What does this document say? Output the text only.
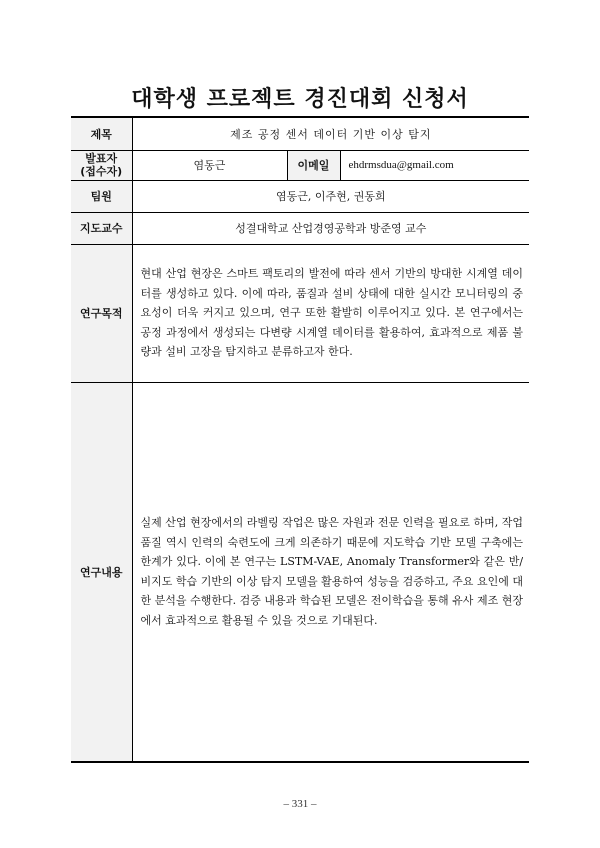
대학생 프로젝트 경진대회 신청서
제목	제조 공정 센서 데이터 기반 이상 탐지		

발표자
(접수자)	염동근	이메일	ehdrmsdua@gmail.com
팀원	염동근, 이주현, 권동희		
지도교수	성결대학교 산업경영공학과 방준영 교수		
연구목적	현대 산업 현장은 스마트 팩토리의 발전에 따라 센서 기반의 방대한 시계열 데이터를 생성하고 있다. 이에 따라, 품질과 설비 상태에 대한 실시간 모니터링의 중요성이 더욱 커지고 있으며, 연구 또한 활발히 이루어지고 있다. 본 연구에서는 공정 과정에서 생성되는 다변량 시계열 데이터를 활용하여, 효과적으로 제품 불량과 설비 고장을 탐지하고 분류하고자 한다.		
연구내용	실제 산업 현장에서의 라벨링 작업은 많은 자원과 전문 인력을 필요로 하며, 작업 품질 역시 인력의 숙련도에 크게 의존하기 때문에 지도학습 기반 모델 구축에는 한계가 있다. 이에 본 연구는 LSTM-VAE, Anomaly Transformer와 같은 반/비지도 학습 기반의 이상 탐지 모델을 활용하여 성능을 검증하고, 주요 요인에 대한 분석을 수행한다. 검증 내용과 학습된 모델은 전이학습을 통해 유사 제조 현장에서 효과적으로 활용될 수 있을 것으로 기대된다.		
– 331 –
